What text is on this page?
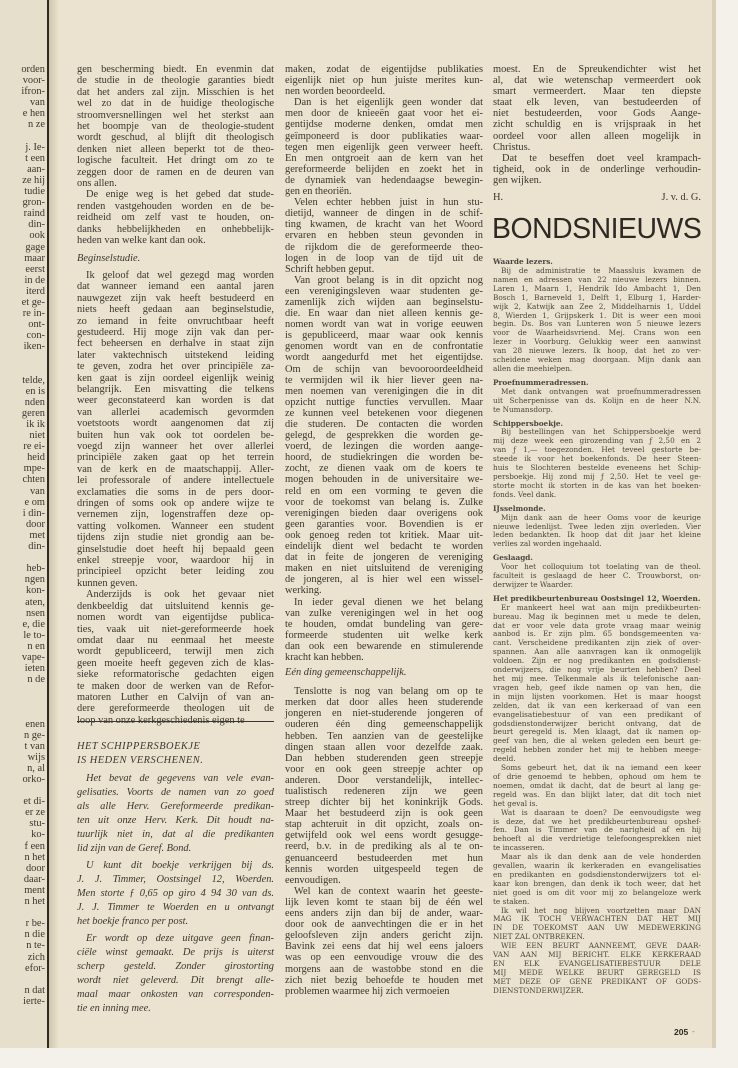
orden
voor-
ifron-
van
e hen
n ze
j. Ie-
t een
aan-
ze hij
tudie
gron-
raind
din-
ook
gage
maar
eerst
in de
iterd
et ge-
re in-
ont-
con-
iken-
telde,
en is
nden
geren
ik ik
niet
re ei-
heid
mpe-
chten
van
e om
i din-
door
met
din-
heb-
ngen
kon-
aten,
nsen
e, die
le to-
n en
vape-
ieten
n de
enen
n ge-
t van
wijs
n, al
orko-
et di-
er ze
stu-
ko-
f een
n het
door
daar-
ment
n het
r be-
n die
n te-
zich
efor-
n dat
ierte-
gen bescherming biedt. En evenmin dat
de studie in de theologie garanties biedt
dat het anders zal zijn. Misschien is het
wel zo dat in de huidige theologische
stroomversnellingen wel het sterkst aan
het boompje van de theologie-student
wordt geschud, al blijft dit theologisch
denken niet alleen beperkt tot de theo-
logische faculteit. Het dringt om zo te
zeggen door de ramen en de deuren van
ons allen.
De enige weg is het gebed dat stude-
renden vastgehouden worden en de be-
reidheid om zelf vast te houden, on-
danks hebbelijkheden en onhebbelijk-
heden van welke kant dan ook.
Beginselstudie.
Ik geloof dat wel gezegd mag worden
dat wanneer iemand een aantal jaren
nauwgezet zijn vak heeft bestudeerd en
niets heeft gedaan aan beginselstudie,
zo iemand in feite onvruchtbaar heeft
gestudeerd. Hij moge zijn vak dan per-
fect beheersen en derhalve in staat zijn
later vaktechnisch uitstekend leiding
te geven, zodra het over principiële za-
ken gaat is zijn oordeel eigenlijk weinig
belangrijk. Een misvatting die telkens
weer geconstateerd kan worden is dat
van allerlei academisch gevormden
voetstoots wordt aangenomen dat zij
buiten hun vak ook tot oordelen be-
voegd zijn wanneer het over allerlei
principiële zaken gaat op het terrein
van de kerk en de maatschappij. Aller-
lei professorale of andere intellectuele
exclamaties die soms in de pers door-
dringen of soms ook op andere wijze te
vernemen zijn, logenstraffen deze op-
vatting volkomen. Wanneer een student
tijdens zijn studie niet grondig aan be-
ginselstudie doet heeft hij bepaald geen
enkel streepje voor, waardoor hij in
principieel opzicht beter leiding zou
kunnen geven.
Anderzijds is ook het gevaar niet
denkbeeldig dat uitsluitend kennis ge-
nomen wordt van eigentijdse publica-
ties, vaak uit niet-gereformeerde hoek
omdat daar nu eenmaal het meeste
wordt gepubliceerd, terwijl men zich
geen moeite heeft gegeven zich de klas-
sieke reformatorische gedachten eigen
te maken door de werken van de Refor-
matoren Luther en Calvijn of van an-
dere gereformeerde theologen uit de
HET SCHIPPERSBOEKJE
IS HEDEN VERSCHENEN.
Het bevat de gegevens van vele evan-
gelisaties. Voorts de namen van zo goed
als alle Herv. Gereformeerde predikan-
ten uit onze Herv. Kerk. Dit houdt na-
tuurlijk niet in, dat al die predikanten
lid zijn van de Geref. Bond.
U kunt dit boekje verkrijgen bij ds.
J. J. Timmer, Oostsingel 12, Woerden.
Men storte ƒ 0,65 op giro 4 94 30 van ds.
J. J. Timmer te Woerden en u ontvangt
het boekje franco per post.
Er wordt op deze uitgave geen finan-
ciële winst gemaakt. De prijs is uiterst
scherp gesteld. Zonder girostorting
wordt niet geleverd. Dit brengt alle-
maal maar onkosten van corresponden-
tie en inning mee.
maken, zodat de eigentijdse publikaties
eigenlijk niet op hun juiste merites kun-
nen worden beoordeeld.
Dan is het eigenlijk geen wonder dat
men door de knieeën gaat voor het ei-
gentijdse moderne denken, omdat men
geïmponeerd is door publikaties waar-
tegen men eigenlijk geen verweer heeft.
En men ontgroeit aan de kern van het
gereformeerde belijden en zoekt het in
de dynamiek van hedendaagse bewegin-
gen en theoriën.
Velen echter hebben juist in hun stu-
dietijd, wanneer de dingen in de schif-
ting kwamen, de kracht van het Woord
ervaren en hebben steun gevonden in
de rijkdom die de gereformeerde theo-
logen in de loop van de tijd uit de
Schrift hebben geput.
Van groot belang is in dit opzicht nog
een verenigingsleven waar studenten ge-
zamenlijk zich wijden aan beginselstu-
die. En waar dan niet alleen kennis ge-
nomen wordt van wat in vorige eeuwen
is gepubliceerd, maar waar ook kennis
genomen wordt van en de confrontatie
wordt aangedurfd met het eigentijdse.
Om de schijn van bevooroordeeldheid
te vermijden wil ik hier liever geen na-
men noemen van verenigingen die in dit
opzicht nuttige functies vervullen. Maar
ze kunnen veel betekenen voor diegenen
die studeren. De contacten die worden
gelegd, de gesprekken die worden ge-
voerd, de lezingen die worden aange-
hoord, de studiekringen die worden be-
zocht, ze dienen vaak om de koers te
mogen behouden in de universitaire we-
reld en om een vorming te geven die
voor de toekomst van belang is. Zulke
verenigingen bieden daar overigens ook
geen garanties voor. Bovendien is er
ook genoeg reden tot kritiek. Maar uit-
eindelijk dient wel bedacht te worden
dat in feite de jongeren de vereniging
maken en niet uitsluitend de vereniging
de jongeren, al is hier wel een wissel-
werking.
In ieder geval dienen we het belang
van zulke verenigingen wel in het oog
te houden, omdat bundeling van gere-
formeerde studenten uit welke kerk
dan ook een bewarende en stimulerende
kracht kan hebben.
Eén ding gemeenschappelijk.
Tenslotte is nog van belang om op te
merken dat door alles heen studerende
jongeren en niet-studerende jongeren of
ouderen één ding gemeenschappelijk
hebben. Ten aanzien van de geestelijke
dingen staan allen voor dezelfde zaak.
Dan hebben studerenden geen streepje
voor en ook geen streepje achter op
anderen. Door verstandelijk, intellec-
tualistisch redeneren zijn we geen
streep dichter bij het koninkrijk Gods.
Maar het bestudeerd zijn is ook geen
stap achteruit in dit opzicht, zoals on-
getwijfeld ook wel eens wordt gesugge-
reerd, b.v. in de prediking als al te on-
genuanceerd bestudeerden met hun
kennis worden uitgespeeld tegen de
eenvoudigen.
Wel kan de context waarin het geeste-
lijk leven komt te staan bij de één wel
eens anders zijn dan bij de ander, waar-
door ook de aanvechtingen die er in het
geloofsleven zijn anders gericht zijn.
Bavink zei eens dat hij wel eens jaloers
was op een eenvoudige vrouw die des
morgens aan de wastobbe stond en die
zich niet bezig behoefde te houden met
problemen waarmee hij zich vermoeien
moest. En de Spreukendichter wist het
al, dat wie wetenschap vermeerdert ook
smart vermeerdert. Maar ten diepste
staat elk leven, van bestudeerden of
niet bestudeerden, voor Gods Aange-
zicht schuldig en is vrijspraak in het
oordeel voor allen alleen mogelijk in
Christus.
Dat te beseffen doet veel krampach-
tigheid, ook in de onderlinge verhoudin-
gen wijken.
H.	J. v. d. G.
BONDSNIEUWS
Waarde lezers.
Bij de administratie te Maassluis kwamen de
namen en adressen van 22 nieuwe lezers binnen.
Laren 1, Maarn 1, Hendrik Ido Ambacht 1, Den
Bosch 1, Barneveld 1, Delft 1, Elburg 1, Harder-
wijk 2, Katwijk aan Zee 2, Middelharnis 1, Uddel
8, Wierden 1, Grijpskerk 1. Dit is weer een mooi
begin. Ds. Bos van Lunteren won 5 nieuwe lezers
voor de Waarheidsvriend. Mej. Crans won een
lezer in Voorburg. Gelukkig weer een aanwinst
van 28 nieuwe lezers. Ik hoop, dat het zo ver-
scheidene weken mag doorgaan. Mijn dank aan
allen die meehielpen.
Proefnummeradressen.
Met dank ontvangen wat proefnummeradressen
uit Scherpenisse van ds. Kolijn en de heer N.N.
te Numansdorp.
Schippersboekje.
Bij bestellingen van het Schippersboekje werd
mij deze week een girozending van ƒ 2,50 en 2
van ƒ 1,— toegezonden. Het teveel gestorte be-
steede ik voor het boekenfonds. De heer Steen-
huis te Slochteren bestelde eveneens het Schip-
persboekje. Hij zond mij ƒ 2,50. Het te veel ge-
storte mocht ik storten in de kas van het boeken-
fonds. Veel dank.
IJsselmonde.
Mijn dank aan de heer Ooms voor de keurige
nieuwe ledenlijst. Twee leden zijn overleden. Vier
leden bedankten. Ik hoop dat dit jaar het kleine
verlies zal worden ingehaald.
Geslaagd.
Voor het colloquium tot toelating van de theol.
faculteit is geslaagd de heer C. Trouwborst, on-
derwijzer te Waarder.
Het predikbeurtenbureau Oostsingel 12, Woerden.
Er mankeert heel wat aan mijn predikbeurten-
bureau. Mag ik beginnen met u mede te delen,
dat er voor vele data grote vraag maar weinig
aanbod is. Er zijn plm. 65 bondsgemeenten va-
cant. Verscheidene predikanten zijn ziek of over-
spannen. Aan alle aanvragen kan ik onmogelijk
voldoen. Zijn er nog predikanten en godsdienst-
onderwijzers, die nog vrije beurten hebben? Deel
het mij mee. Telkenmale als ik telefonische aan-
vragen heb, geef ikde namen op van hen, die
in mijn lijsten voorkomen. Het is maar hoogst
zelden, dat ik van een kerkeraad of van een
evangelisatiebestuur of van een predikant of
godsdienstonderwijzer bericht ontvang, dat de
beurt geregeld is. Men klaagt, dat ik namen op-
geef van hen, die al weken geleden een beurt ge-
regeld hebben zonder het mij te hebben meege-
deeld.
Soms gebeurt het, dat ik na iemand een keer
of drie genoemd te hebben, ophoud om hem te
noemen, omdat ik dacht, dat de beurt al lang ge-
regeld was. En dan blijkt later, dat dit toch niet
het geval is.
Wat is daaraan te doen? De eenvoudigste weg
is deze, dat we het predikbeurtenbureau opshef-
fen. Dan is Timmer van de narigheid af en hij
behoeft al die verdrietige telefoongesprekken niet
te incasseren.
Maar als ik dan denk aan de vele honderden
gevallen, waarin ik kerkeraden en evangelisaties
en predikanten en godsdienstonderwijzers tot el-
kaar kon brengen, dan denk ik toch weer, dat het
niet goed is om dit voor mij zo belangeloze werk
te staken.
Ik wil het nog blijven voortzetten maar DAN
MAG IK TOCH VERWACHTEN DAT HET MIJ
IN DE TOEKOMST AAN UW MEDEWERKING
NIET ZAL ONTBREKEN.
WIE EEN BEURT AANNEEMT, GEVE DAAR-
VAN AAN MIJ BERICHT. ELKE KERKERAAD
EN ELK EVANGELISATIEBESTUUR DELE
MIJ MEDE WELKE BEURT GEREGELD IS
MET DEZE OF GENE PREDIKANT OF GODS-
DIENSTONDERWIJZER.
205 -
